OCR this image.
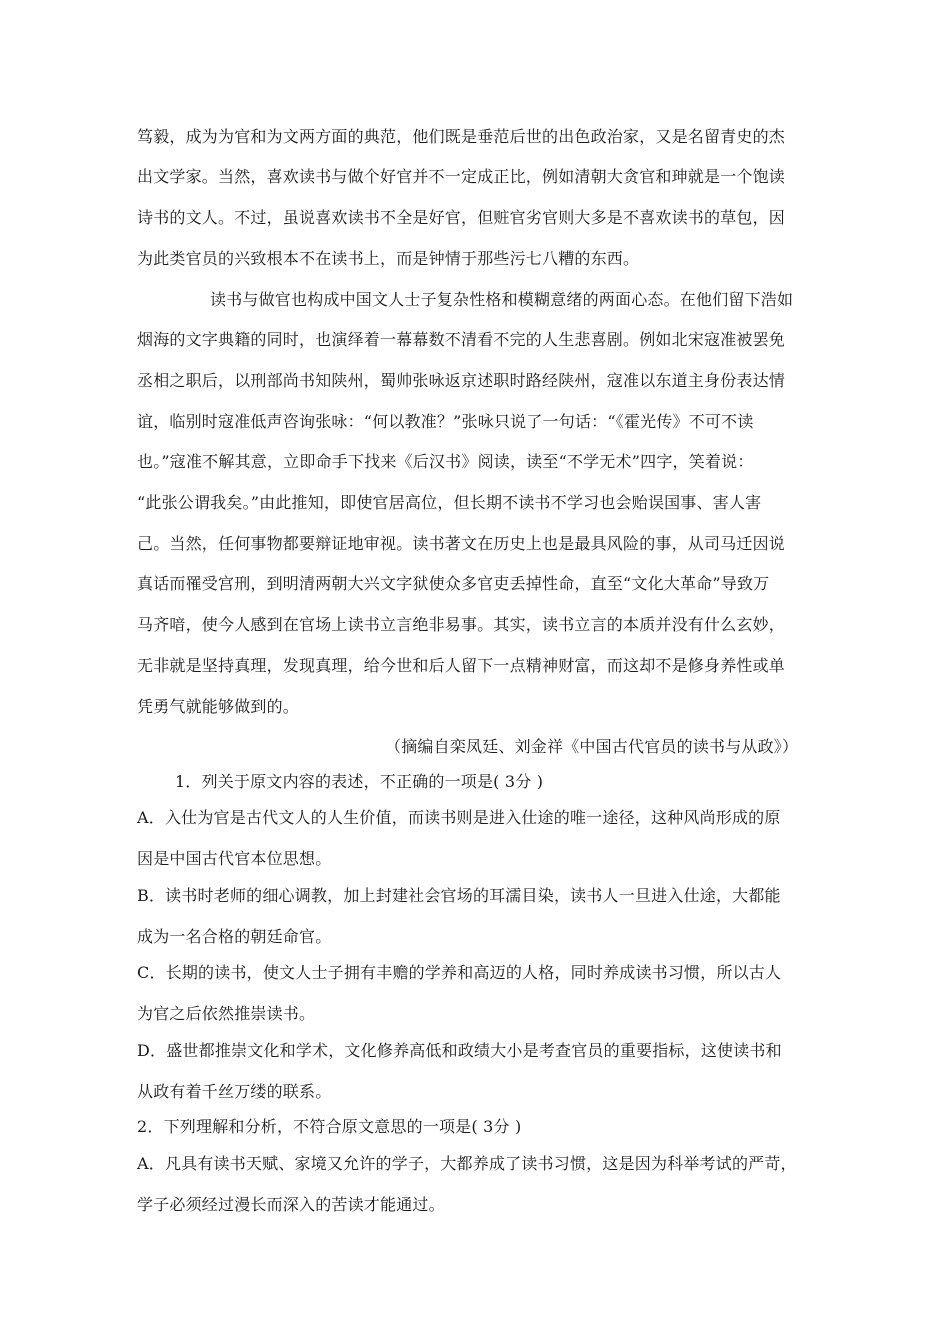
笃毅，成为为官和为文两方面的典范，他们既是垂范后世的出色政治家，又是名留青史的杰
出文学家。当然，喜欢读书与做个好官并不一定成正比，例如清朝大贪官和珅就是一个饱读
诗书的文人。不过，虽说喜欢读书不全是好官，但赃官劣官则大多是不喜欢读书的草包，因
为此类官员的兴致根本不在读书上，而是钟情于那些污七八糟的东西。
读书与做官也构成中国文人士子复杂性格和模糊意绪的两面心态。在他们留下浩如
烟海的文字典籍的同时，也演绎着一幕幕数不清看不完的人生悲喜剧。例如北宋寇准被罢免
丞相之职后，以刑部尚书知陕州，蜀帅张咏返京述职时路经陕州，寇准以东道主身份表达情
谊，临别时寇准低声咨询张咏：“何以教准？”张咏只说了一句话：“《霍光传》不可不读
也。”寇准不解其意，立即命手下找来《后汉书》阅读，读至“不学无术”四字，笑着说：
“此张公谓我矣。”由此推知，即使官居高位，但长期不读书不学习也会贻误国事、害人害
己。当然，任何事物都要辩证地审视。读书著文在历史上也是最具风险的事，从司马迁因说
真话而罹受宫刑，到明清两朝大兴文字狱使众多官吏丢掉性命，直至“文化大革命”导致万
马齐喑，使今人感到在官场上读书立言绝非易事。其实，读书立言的本质并没有什么玄妙，
无非就是坚持真理，发现真理，给今世和后人留下一点精神财富，而这却不是修身养性或单
凭勇气就能够做到的。
（摘编自栾凤廷、刘金祥《中国古代官员的读书与从政》）
1．列关于原文内容的表述，不正确的一项是( 3分 )
A．入仕为官是古代文人的人生价值，而读书则是进入仕途的唯一途径，这种风尚形成的原
因是中国古代官本位思想。
B．读书时老师的细心调教，加上封建社会官场的耳濡目染，读书人一旦进入仕途，大都能
成为一名合格的朝廷命官。
C．长期的读书，使文人士子拥有丰赡的学养和高迈的人格，同时养成读书习惯，所以古人
为官之后依然推崇读书。
D．盛世都推崇文化和学术，文化修养高低和政绩大小是考查官员的重要指标，这使读书和
从政有着千丝万缕的联系。
2．下列理解和分析，不符合原文意思的一项是( 3分 )
A．凡具有读书天赋、家境又允许的学子，大都养成了读书习惯，这是因为科举考试的严苛，
学子必须经过漫长而深入的苦读才能通过。
